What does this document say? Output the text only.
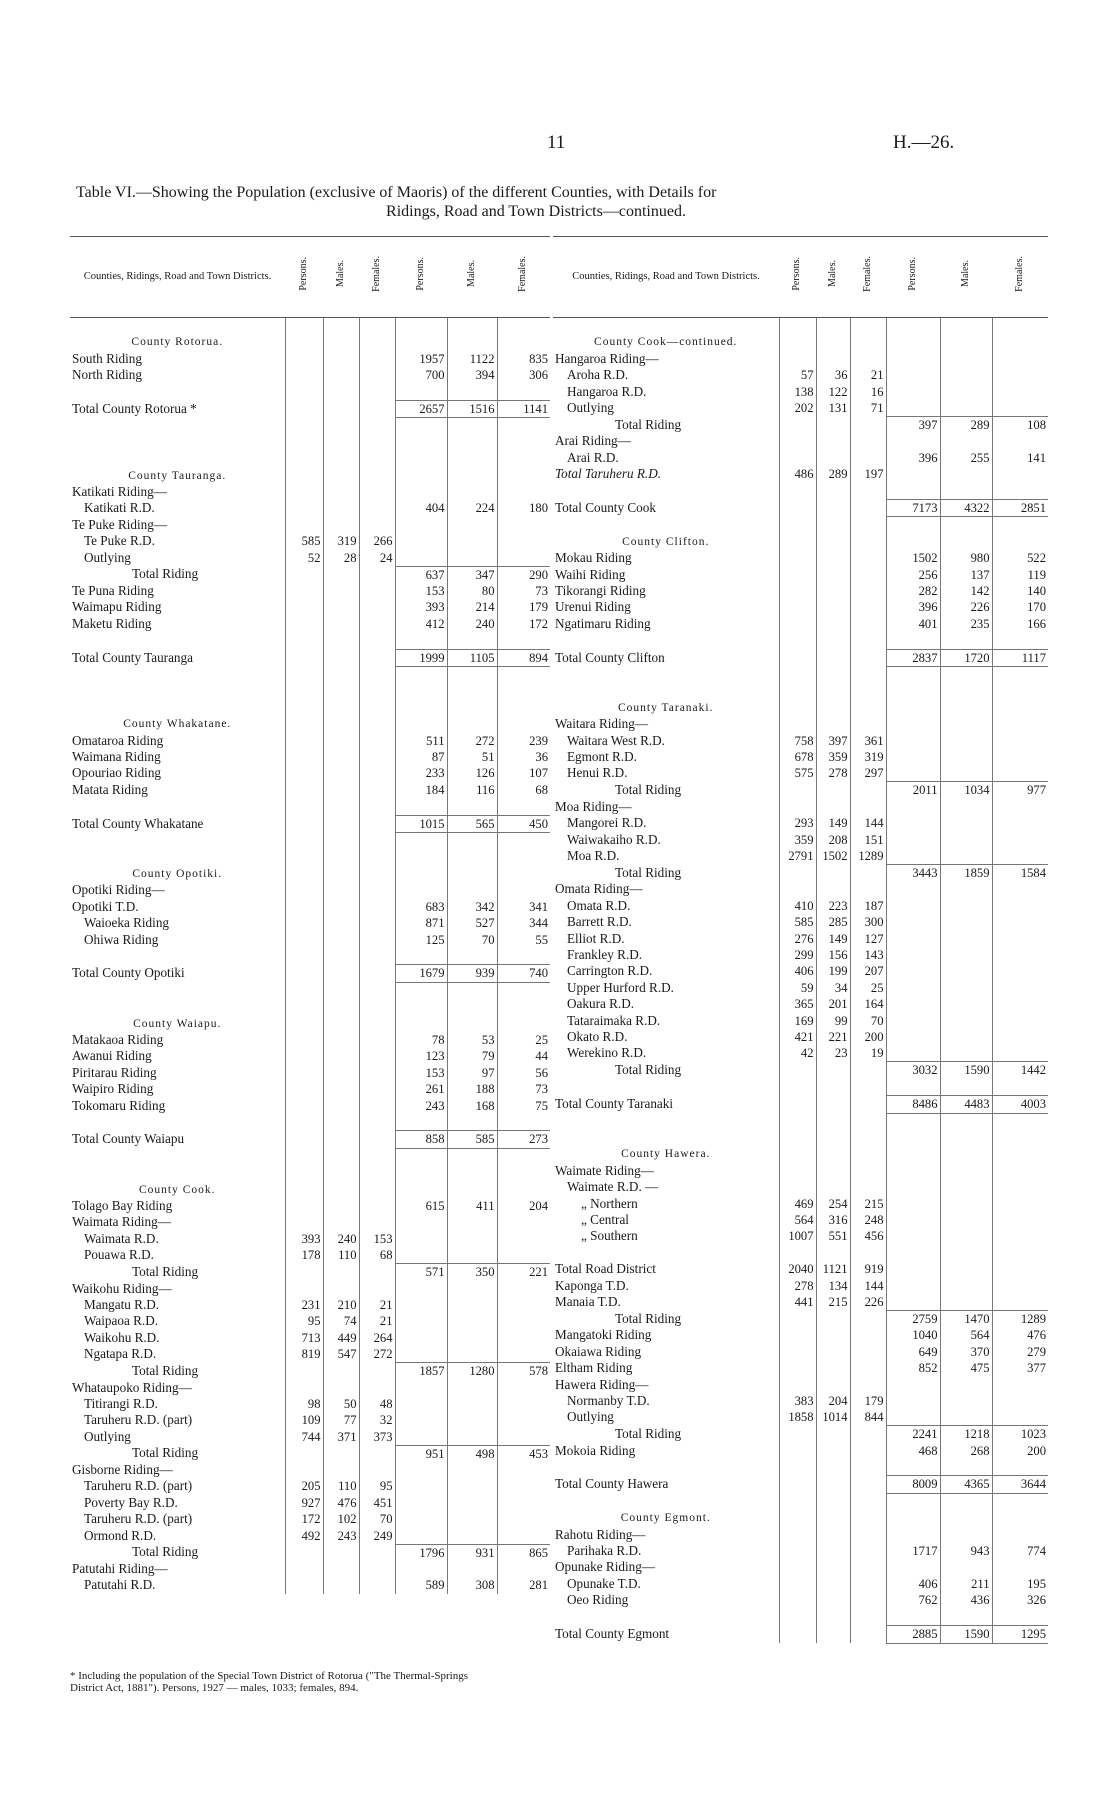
11	H.—26.
Table VI.—Showing the Population (exclusive of Maoris) of the different Counties, with Details for
Ridings, Road and Town Districts—continued.
Counties, Ridings, Road and Town Districts.	Persons.	Males.	Females.	Persons.	Males.	Females.

County Rotorua.						
South Riding				1957	1122	835
North Riding				700	394	306

Total County Rotorua *				2657	1516	1141

County Tauranga.						
Katikati Riding—						
Katikati R.D.				404	224	180
Te Puke Riding—						
Te Puke R.D.	585	319	266			
Outlying	52	28	24			
Total Riding				637	347	290
Te Puna Riding				153	80	73
Waimapu Riding				393	214	179
Maketu Riding				412	240	172

Total County Tauranga				1999	1105	894

County Whakatane.						
Omataroa Riding				511	272	239
Waimana Riding				87	51	36
Opouriao Riding				233	126	107
Matata Riding				184	116	68

Total County Whakatane				1015	565	450

County Opotiki.						
Opotiki Riding—						
Opotiki T.D.				683	342	341
Waioeka Riding				871	527	344
Ohiwa Riding				125	70	55

Total County Opotiki				1679	939	740

County Waiapu.						
Matakaoa Riding				78	53	25
Awanui Riding				123	79	44
Piritarau Riding				153	97	56
Waipiro Riding				261	188	73
Tokomaru Riding				243	168	75

Total County Waiapu				858	585	273

County Cook.						
Tolago Bay Riding				615	411	204
Waimata Riding—						
Waimata R.D.	393	240	153			
Pouawa R.D.	178	110	68			
Total Riding				571	350	221
Waikohu Riding—						
Mangatu R.D.	231	210	21			
Waipaoa R.D.	95	74	21			
Waikohu R.D.	713	449	264			
Ngatapa R.D.	819	547	272			
Total Riding				1857	1280	578
Whataupoko Riding—						
Titirangi R.D.	98	50	48			
Taruheru R.D. (part)	109	77	32			
Outlying	744	371	373			
Total Riding				951	498	453
Gisborne Riding—						
Taruheru R.D. (part)	205	110	95			
Poverty Bay R.D.	927	476	451			
Taruheru R.D. (part)	172	102	70			
Ormond R.D.	492	243	249			
Total Riding				1796	931	865
Patutahi Riding—						
Patutahi R.D.				589	308	281
Counties, Ridings, Road and Town Districts.	Persons.	Males.	Females.	Persons.	Males.	Females.

County Cook—continued.						
Hangaroa Riding—						
Aroha R.D.	57	36	21			
Hangaroa R.D.	138	122	16			
Outlying	202	131	71			
Total Riding				397	289	108
Arai Riding—						
Arai R.D.				396	255	141
Total Taruheru R.D.	486	289	197			

Total County Cook				7173	4322	2851

County Clifton.						
Mokau Riding				1502	980	522
Waihi Riding				256	137	119
Tikorangi Riding				282	142	140
Urenui Riding				396	226	170
Ngatimaru Riding				401	235	166

Total County Clifton				2837	1720	1117

County Taranaki.						
Waitara Riding—						
Waitara West R.D.	758	397	361			
Egmont R.D.	678	359	319			
Henui R.D.	575	278	297			
Total Riding				2011	1034	977
Moa Riding—						
Mangorei R.D.	293	149	144			
Waiwakaiho R.D.	359	208	151			
Moa R.D.	2791	1502	1289			
Total Riding				3443	1859	1584
Omata Riding—						
Omata R.D.	410	223	187			
Barrett R.D.	585	285	300			
Elliot R.D.	276	149	127			
Frankley R.D.	299	156	143			
Carrington R.D.	406	199	207			
Upper Hurford R.D.	59	34	25			
Oakura R.D.	365	201	164			
Tataraimaka R.D.	169	99	70			
Okato R.D.	421	221	200			
Werekino R.D.	42	23	19			
Total Riding				3032	1590	1442

Total County Taranaki				8486	4483	4003

County Hawera.						
Waimate Riding—						
Waimate R.D. —						
„ Northern	469	254	215			
„ Central	564	316	248			
„ Southern	1007	551	456			

Total Road District	2040	1121	919			
Kaponga T.D.	278	134	144			
Manaia T.D.	441	215	226			
Total Riding				2759	1470	1289
Mangatoki Riding				1040	564	476
Okaiawa Riding				649	370	279
Eltham Riding				852	475	377
Hawera Riding—						
Normanby T.D.	383	204	179			
Outlying	1858	1014	844			
Total Riding				2241	1218	1023
Mokoia Riding				468	268	200

Total County Hawera				8009	4365	3644

County Egmont.						
Rahotu Riding—						
Parihaka R.D.				1717	943	774
Opunake Riding—						
Opunake T.D.				406	211	195
Oeo Riding				762	436	326

Total County Egmont				2885	1590	1295
* Including the population of the Special Town District of Rotorua ("The Thermal-Springs District Act, 1881"). Persons, 1927 — males, 1033; females, 894.
